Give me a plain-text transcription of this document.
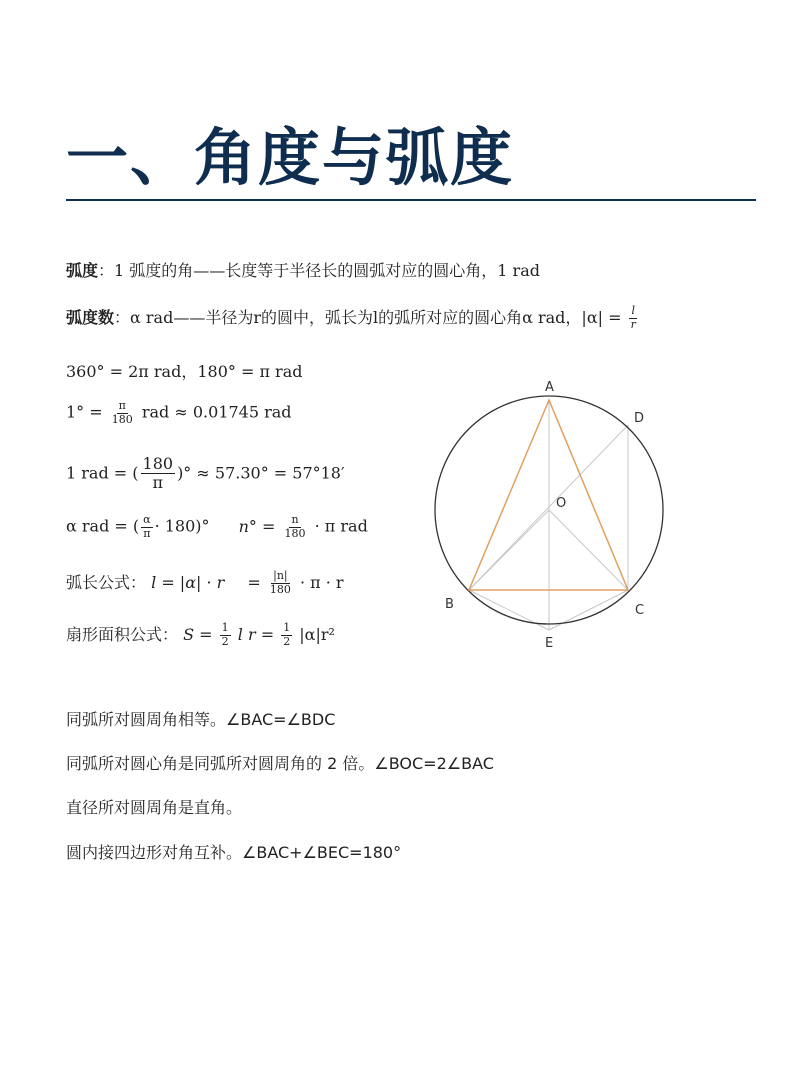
一、角度与弧度
弧度：1 弧度的角——长度等于半径长的圆弧对应的圆心角，1 rad
弧度数：α rad——半径为r的圆中，弧长为l的弧所对应的圆心角α rad，$|\alpha| = \frac{l}{r}$
360° = 2π rad，180° = π rad
$1^\circ = \frac{\pi}{180}$ rad ≈ 0.01745 rad
1 rad = ( $\frac{180}{\pi}$ )° ≈ 57.30° = 57°18′
α rad = ( $\frac{\alpha}{\pi} \cdot 180)^\circ$ $n^\circ = \frac{n}{180} \cdot \pi$ rad
弧长公式： $l = |\alpha| \cdot r = \frac{|n|}{180} \cdot \pi \cdot r$
扇形面积公式： $S = \frac{1}{2}$ l $r = \frac{1}{2} |\alpha|r^2$
A
D
O
B	C
E
同弧所对圆周角相等。∠BAC=∠BDC
同弧所对圆心角是同弧所对圆周角的 2 倍。∠BOC=2∠BAC
直径所对圆周角是直角。
圆内接四边形对角互补。∠BAC+∠BEC=180°
